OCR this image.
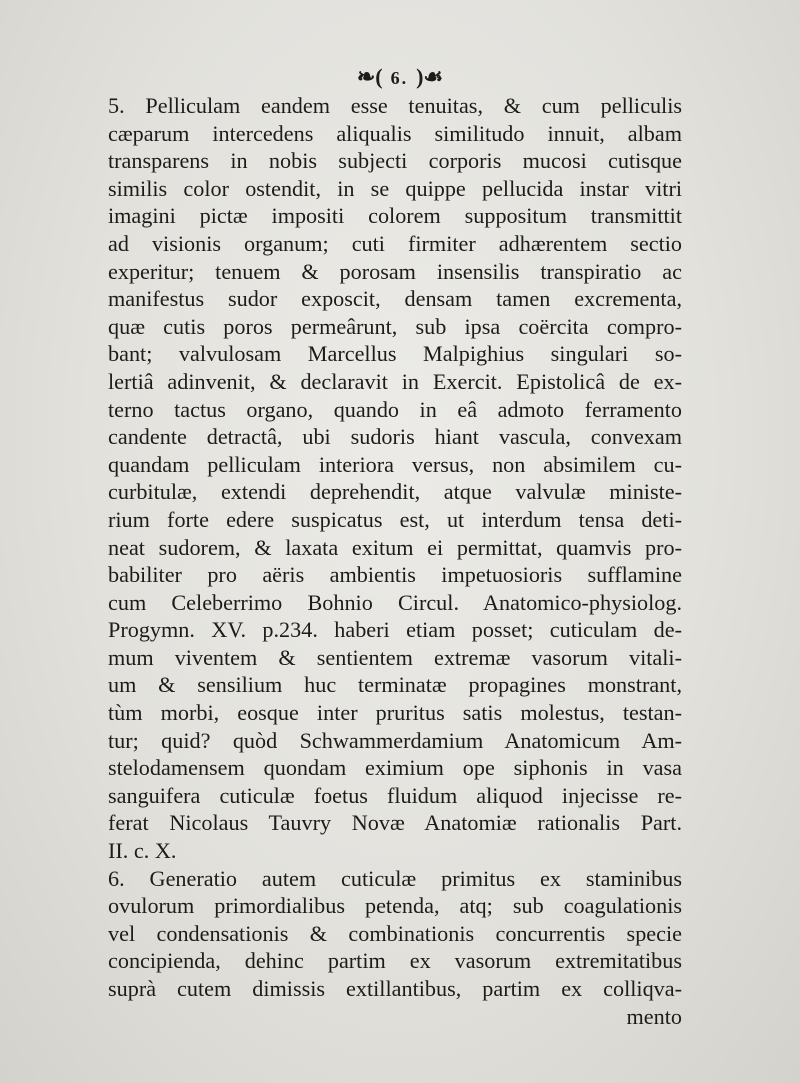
❧( 6. )☙
5. Pelliculam eandem esse tenuitas, & cum pelliculis
cæparum intercedens aliqualis similitudo innuit, albam
transparens in nobis subjecti corporis mucosi cutisque
similis color ostendit, in se quippe pellucida instar vitri
imagini pictæ impositi colorem suppositum transmittit
ad visionis organum; cuti firmiter adhærentem sectio
experitur; tenuem & porosam insensilis transpiratio ac
manifestus sudor exposcit, densam tamen excrementa,
quæ cutis poros permeârunt, sub ipsa coërcita compro-
bant; valvulosam Marcellus Malpighius singulari so-
lertiâ adinvenit, & declaravit in Exercit. Epistolicâ de ex-
terno tactus organo, quando in eâ admoto ferramento
candente detractâ, ubi sudoris hiant vascula, convexam
quandam pelliculam interiora versus, non absimilem cu-
curbitulæ, extendi deprehendit, atque valvulæ ministe-
rium forte edere suspicatus est, ut interdum tensa deti-
neat sudorem, & laxata exitum ei permittat, quamvis pro-
babiliter pro aëris ambientis impetuosioris sufflamine
cum Celeberrimo Bohnio Circul. Anatomico-physiolog.
Progymn. XV. p.234. haberi etiam posset; cuticulam de-
mum viventem & sentientem extremæ vasorum vitali-
um & sensilium huc terminatæ propagines monstrant,
tùm morbi, eosque inter pruritus satis molestus, testan-
tur; quid? quòd Schwammerdamium Anatomicum Am-
stelodamensem quondam eximium ope siphonis in vasa
sanguifera cuticulæ foetus fluidum aliquod injecisse re-
ferat Nicolaus Tauvry Novæ Anatomiæ rationalis Part.
II. c. X.
6. Generatio autem cuticulæ primitus ex staminibus
ovulorum primordialibus petenda, atq; sub coagulationis
vel condensationis & combinationis concurrentis specie
concipienda, dehinc partim ex vasorum extremitatibus
suprà cutem dimissis extillantibus, partim ex colliqva-
mento
